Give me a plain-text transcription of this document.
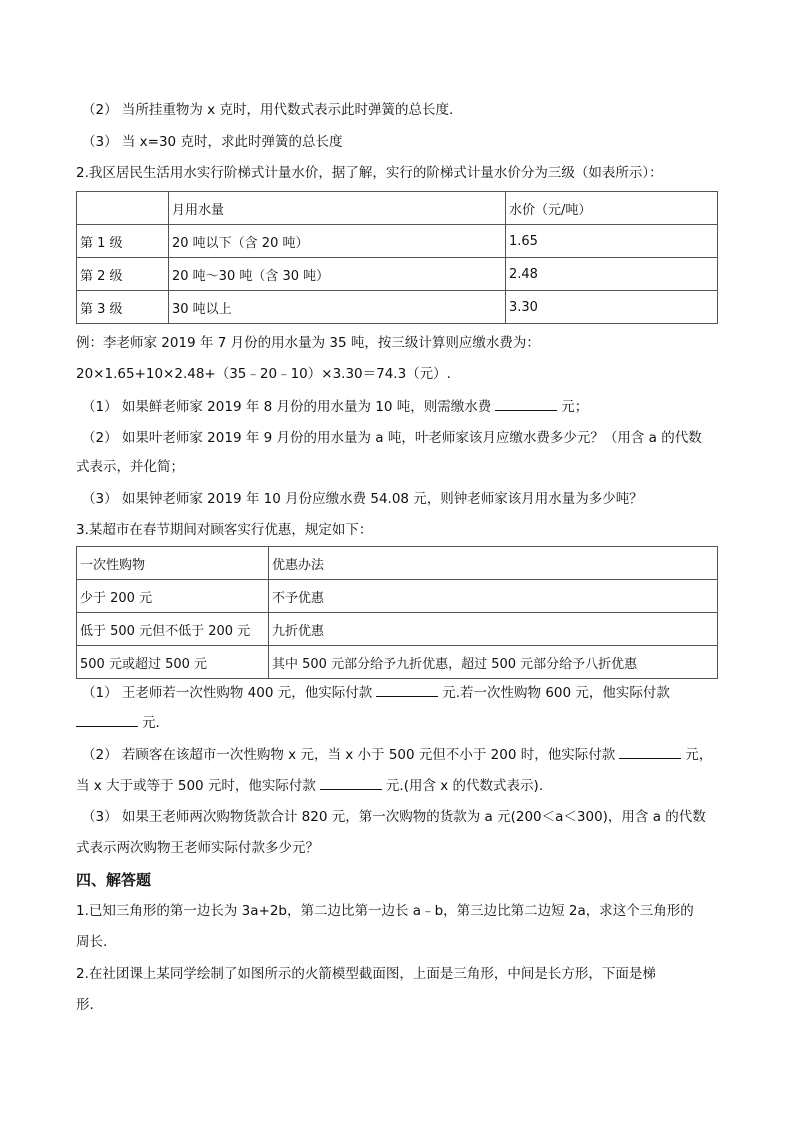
（2） 当所挂重物为 x 克时，用代数式表示此时弹簧的总长度.
（3） 当 x=30 克时，求此时弹簧的总长度
2.我区居民生活用水实行阶梯式计量水价，据了解，实行的阶梯式计量水价分为三级（如表所示）：
	月用水量	水价（元/吨）
第 1 级	20 吨以下（含 20 吨）	1.65
第 2 级	20 吨～30 吨（含 30 吨）	2.48
第 3 级	30 吨以上	3.30
例：李老师家 2019 年 7 月份的用水量为 35 吨，按三级计算则应缴水费为：
20×1.65+10×2.48+（35﹣20﹣10）×3.30＝74.3（元）.
（1） 如果鲜老师家 2019 年 8 月份的用水量为 10 吨，则需缴水费	元；
（2） 如果叶老师家 2019 年 9 月份的用水量为 a 吨，叶老师家该月应缴水费多少元？（用含 a 的代数
式表示，并化简；
（3） 如果钟老师家 2019 年 10 月份应缴水费 54.08 元，则钟老师家该月用水量为多少吨？
3.某超市在春节期间对顾客实行优惠，规定如下：
一次性购物	优惠办法
少于 200 元	不予优惠
低于 500 元但不低于 200 元	九折优惠
500 元或超过 500 元	其中 500 元部分给予九折优惠，超过 500 元部分给予八折优惠
（1） 王老师若一次性购物 400 元，他实际付款	元.若一次性购物 600 元，他实际付款
元.
（2） 若顾客在该超市一次性购物 x 元，当 x 小于 500 元但不小于 200 时，他实际付款	元，
当 x 大于或等于 500 元时，他实际付款	元.(用含 x 的代数式表示).
（3） 如果王老师两次购物货款合计 820 元，第一次购物的货款为 a 元(200＜a＜300)，用含 a 的代数
式表示两次购物王老师实际付款多少元？
四、解答题
1.已知三角形的第一边长为 3a+2b，第二边比第一边长 a﹣b，第三边比第二边短 2a，求这个三角形的
周长.
2.在社团课上某同学绘制了如图所示的火箭模型截面图，上面是三角形，中间是长方形，下面是梯
形.
